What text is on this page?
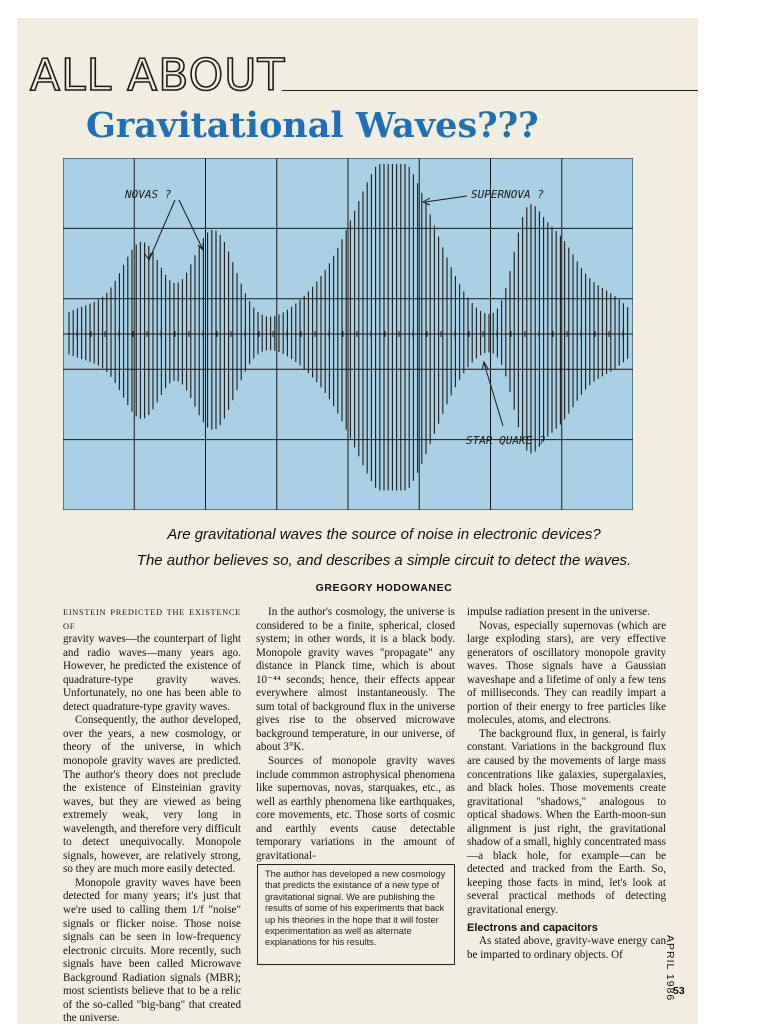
ALL ABOUT
Gravitational Waves???
NOVAS ?	SUPERNOVA ?
STAR QUAKE ?
Are gravitational waves the source of noise in electronic devices?
The author believes so, and describes a simple circuit to detect the waves.
GREGORY HODOWANEC

EINSTEIN PREDICTED THE EXISTENCE OF

gravity waves—the counterpart of light and radio waves—many years ago. However, he predicted the existence of quadrature-type gravity waves. Unfortunately, no one has been able to detect quadrature-type gravity waves.

Consequently, the author developed, over the years, a new cosmology, or theory of the universe, in which monopole gravity waves are predicted. The author's theory does not preclude the existence of Einsteinian gravity waves, but they are viewed as being extremely weak, very long in wavelength, and therefore very difficult to detect unequivocally. Monopole signals, however, are relatively strong, so they are much more easily detected.

Monopole gravity waves have been detected for many years; it's just that we're used to calling them 1/f "noise" signals or flicker noise. Those noise signals can be seen in low-frequency electronic circuits. More recently, such signals have been called Microwave Background Radiation signals (MBR); most scientists believe that to be a relic of the so-called "big-bang" that created the universe.

In the author's cosmology, the universe is considered to be a finite, spherical, closed system; in other words, it is a black body. Monopole gravity waves "propagate" any distance in Planck time, which is about 10⁻⁴⁴ seconds; hence, their effects appear everywhere almost instantaneously. The sum total of background flux in the universe gives rise to the observed microwave background temperature, in our universe, of about 3°K.

Sources of monopole gravity waves include commmon astrophysical phenomena like supernovas, novas, starquakes, etc., as well as earthly phenomena like earthquakes, core movements, etc. Those sorts of cosmic and earthly events cause detectable temporary variations in the amount of gravitational-

The author has developed a new cosmology that predicts the existance of a new type of gravitational signal. We are publishing the results of some of his experiments that back up his theories in the hope that it will foster experimentation as well as alternate explanations for his results.

impulse radiation present in the universe.

Novas, especially supernovas (which are large exploding stars), are very effective generators of oscillatory monopole gravity waves. Those signals have a Gaussian waveshape and a lifetime of only a few tens of milliseconds. They can readily impart a portion of their energy to free particles like molecules, atoms, and electrons.

The background flux, in general, is fairly constant. Variations in the background flux are caused by the movements of large mass concentrations like galaxies, supergalaxies, and black holes. Those movements create gravitational "shadows," analogous to optical shadows. When the Earth-moon-sun alignment is just right, the gravitational shadow of a small, highly concentrated mass—a black hole, for example—can be detected and tracked from the Earth. So, keeping those facts in mind, let's look at several practical methods of detecting gravitational energy.

Electrons and capacitors

As stated above, gravity-wave energy can be imparted to ordinary objects. Of	APRIL 1986
53
